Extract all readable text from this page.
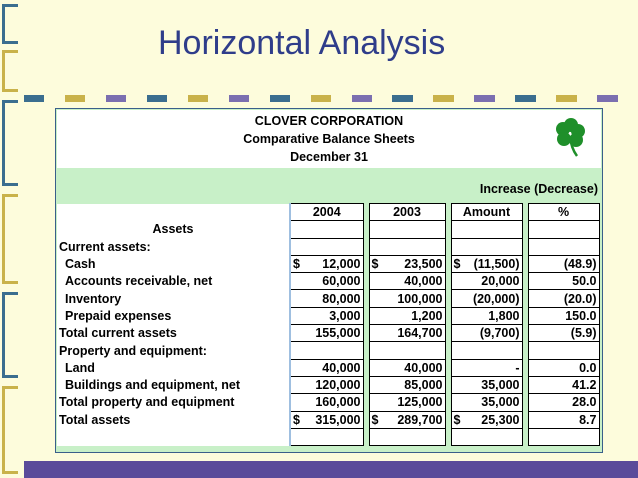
Horizontal Analysis
CLOVER CORPORATION
Comparative Balance Sheets
December 31
Increase (Decrease)
	2004		2003		Amount		%
Assets	

Current assets:	

Cash	$ 12,000		$ 23,500		$ (11,500)		(48.9)
Accounts receivable, net	60,000		40,000		20,000		50.0
Inventory	80,000		100,000		(20,000)		(20.0)
Prepaid expenses	3,000		1,200		1,800		150.0
Total current assets	155,000		164,700		(9,700)		(5.9)
Property and equipment:	

Land	40,000		40,000		-		0.0
Buildings and equipment, net	120,000		85,000		35,000		41.2
Total property and equipment	160,000		125,000		35,000		28.0
Total assets	$ 315,000		$ 289,700		$ 25,300		8.7
